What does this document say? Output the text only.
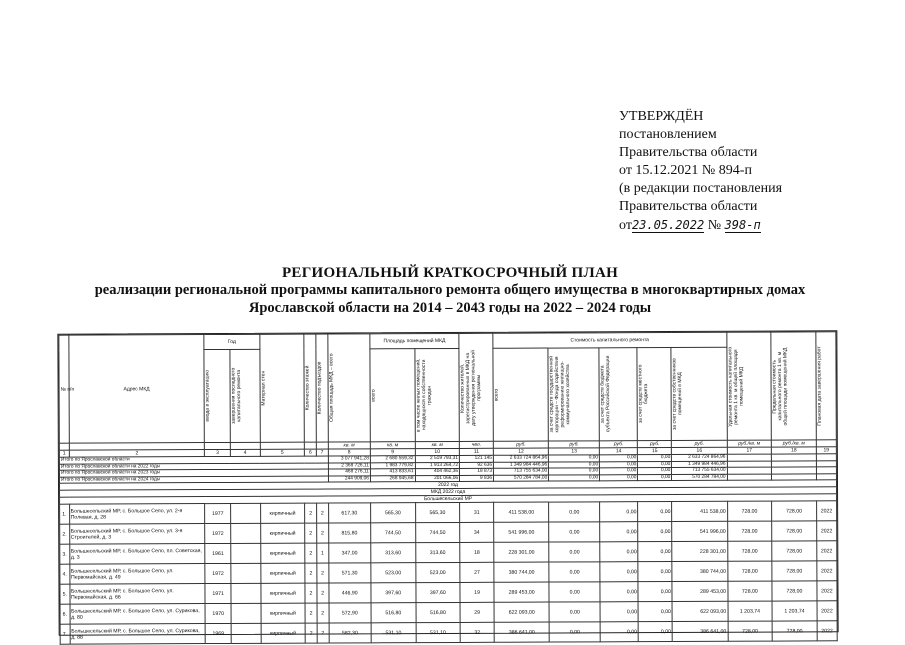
УТВЕРЖДЁН
постановлением
Правительства области
от 15.12.2021 № 894-п
(в редакции постановления
Правительства области
от23.05.2022 № 398-п
РЕГИОНАЛЬНЫЙ КРАТКОСРОЧНЫЙ ПЛАН
реализации региональной программы капитального ремонта общего имущества в многоквартирных домах
Ярославской области на 2014 – 2043 годы на 2022 – 2024 годы
№ п/п	Адрес МКД	Год		Материал стен	Количество этажей	Количество подъездов	Общая площадь МКД – всего	Площадь помещений МКД		Количество жителей, зарегистрированных в МКД на дату утверждения региональной программы	Стоимость капитального ремонта					Удельная стоимость капитального ремонта 1 кв. м общей площади помещений МКД	Предельная стоимость капитального ремонта 1 кв. м общей площади помещений МКД	Плановая дата завершения работ

		ввода в эксплуатацию	завершения последнего капитального ремонта					всего	в том числе жилых помещений, находящихся в собственности граждан		всего	за счет средств государственной корпорации – Фонда содействия реформированию жилищно-коммунального хозяйства	за счет средств бюджета субъекта Российской Федерации	за счет средств местного бюджета	за счет средств собственников помещений в МКД			

							кв. м	кв. м	кв. м	чел.	руб.	руб.	руб.	руб.	руб.	руб./кв. м	руб./кв. м	
1	2	3	4	5	6	7	8	9	10	11	12	13	14	15	16	17	18	19
Итого по Ярославской области							3 077 941,28	2 680 559,32	2 519 793,31	121 145	2 633 724 864,96	0,00	0,00	0,00	2 633 724 864,96			
Итого по Ярославской области на 2022 годы							2 368 726,11	1 983 779,82	1 913 264,72	92 636	1 349 984 446,96	0,00	0,00	0,00	1 349 984 446,96			
Итого по Ярославской области на 2023 годы							468 276,11	413 833,61	404 462,36	18 873	713 755 634,00	0,00	0,00	0,00	713 755 634,00			
Итого по Ярославской области на 2024 годы							244 909,06	268 945,68	201 066,06	9 836	570 284 784,00	0,00	0,00	0,00	570 284 784,00			
2022 год																		
МКД 2022 года																		
Большесельский МР																		
1.	Большесельский МР, с. Большое Село, ул. 2-я Полевая, д. 28	1977		кирпичный	2	2	617,30	565,30	565,30	31	411 538,00	0,00	0,00	0,00	411 538,00	728,00	728,00	2022
2.	Большесельский МР, с. Большое Село, ул. 3-я Строителей, д. 3	1972		кирпичный	2	2	815,80	744,50	744,50	34	541 996,00	0,00	0,00	0,00	541 996,00	728,00	728,00	2022
3.	Большесельский МР, с. Большое Село, пл. Советская, д. 3	1961		кирпичный	2	1	347,00	313,60	313,60	18	228 301,00	0,00	0,00	0,00	228 301,00	728,00	728,00	2022
4.	Большесельский МР, с. Большое Село, ул. Первомайская, д. 49	1972		кирпичный	2	2	571,30	523,00	523,00	27	380 744,00	0,00	0,00	0,00	380 744,00	728,00	728,00	2022
5.	Большесельский МР, с. Большое Село, ул. Первомайская, д. 66	1971		кирпичный	2	2	446,90	397,60	397,60	19	289 453,00	0,00	0,00	0,00	289 453,00	728,00	728,00	2022
6.	Большесельский МР, с. Большое Село, ул. Сурикова, д. 80	1970		кирпичный	2	2	572,90	516,80	516,80	29	622 093,00	0,00	0,00	0,00	622 093,00	1 203,74	1 203,74	2022
7.	Большесельский МР, с. Большое Село, ул. Сурикова, д. 88	1969		кирпичный	2	2	582,30	531,10	531,10	32	386 641,00	0,00	0,00	0,00	386 641,00	728,00	728,00	2022
